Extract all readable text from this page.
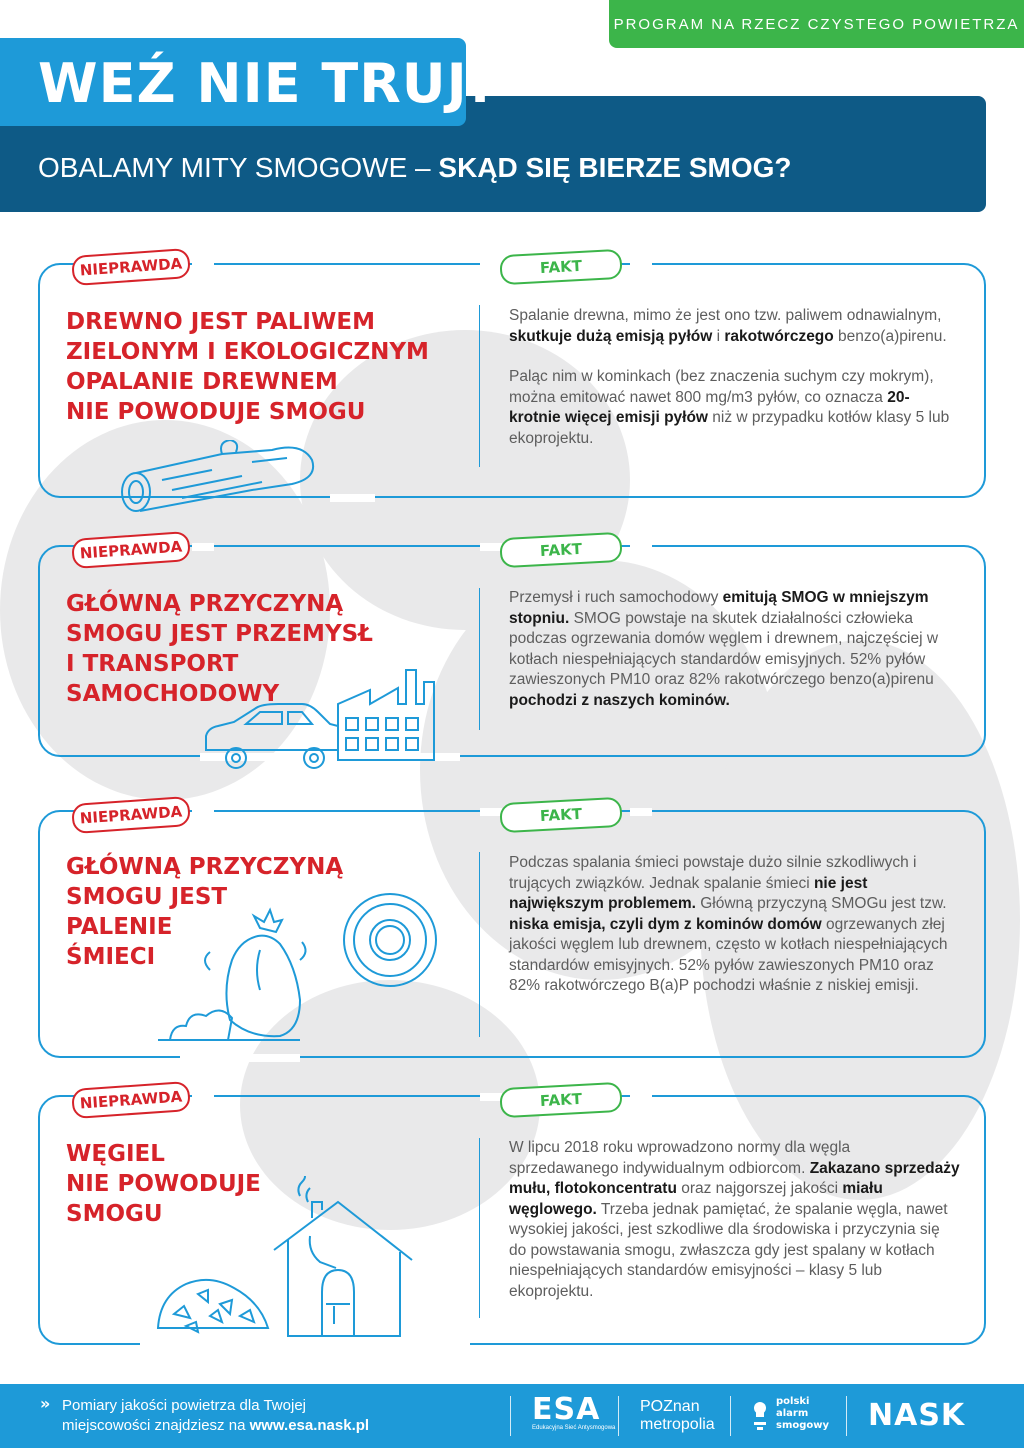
PROGRAM NA RZECZ CZYSTEGO POWIETRZA
WEŹ NIE TRUJ!
OBALAMY MITY SMOGOWE – SKĄD SIĘ BIERZE SMOG?
NIEPRAWDA	FAKT
DREWNO JEST PALIWEM
ZIELONYM I EKOLOGICZNYM
OPALANIE DREWNEM
NIE POWODUJE SMOGU

Spalanie drewna, mimo że jest ono tzw. paliwem odnawialnym, skutkuje dużą emisją pyłów i rakotwórczego benzo(a)pirenu.

Paląc nim w kominkach (bez znaczenia suchym czy mokrym), można emitować nawet 800 mg/m3 pyłów, co oznacza 20-krotnie więcej emisji pyłów niż w przypadku kotłów klasy 5 lub ekoprojektu.

NIEPRAWDA	FAKT
GŁÓWNĄ PRZYCZYNĄ
SMOGU JEST PRZEMYSŁ
I TRANSPORT
SAMOCHODOWY

Przemysł i ruch samochodowy emitują SMOG w mniejszym stopniu. SMOG powstaje na skutek działalności człowieka podczas ogrzewania domów węglem i drewnem, najczęściej w kotłach niespełniających standardów emisyjnych. 52% pyłów zawieszonych PM10 oraz 82% rakotwórczego benzo(a)pirenu pochodzi z naszych kominów.

NIEPRAWDA	FAKT
GŁÓWNĄ PRZYCZYNĄ
SMOGU JEST
PALENIE
ŚMIECI

Podczas spalania śmieci powstaje dużo silnie szkodliwych i trujących związków. Jednak spalanie śmieci nie jest największym problemem. Główną przyczyną SMOGu jest tzw. niska emisja, czyli dym z kominów domów ogrzewanych złej jakości węglem lub drewnem, często w kotłach niespełniających standardów emisyjnych. 52% pyłów zawieszonych PM10 oraz 82% rakotwórczego B(a)P pochodzi właśnie z niskiej emisji.

NIEPRAWDA	FAKT
WĘGIEL
NIE POWODUJE
SMOGU

W lipcu 2018 roku wprowadzono normy dla węgla sprzedawanego indywidualnym odbiorcom. Zakazano sprzedaży mułu, flotokoncentratu oraz najgorszej jakości miału węglowego. Trzeba jednak pamiętać, że spalanie węgla, nawet wysokiej jakości, jest szkodliwe dla środowiska i przyczynia się do powstawania smogu, zwłaszcza gdy jest spalany w kotłach niespełniających standardów emisyjności – klasy 5 lub ekoprojektu.

» Pomiary jakości powietrza dla Twojej
miejscowości znajdziesz na www.esa.nask.pl	ESA
Edukacyjna Sieć Antysmogowa
POZnan
metropolia
polski
alarm
smogowy NASK
